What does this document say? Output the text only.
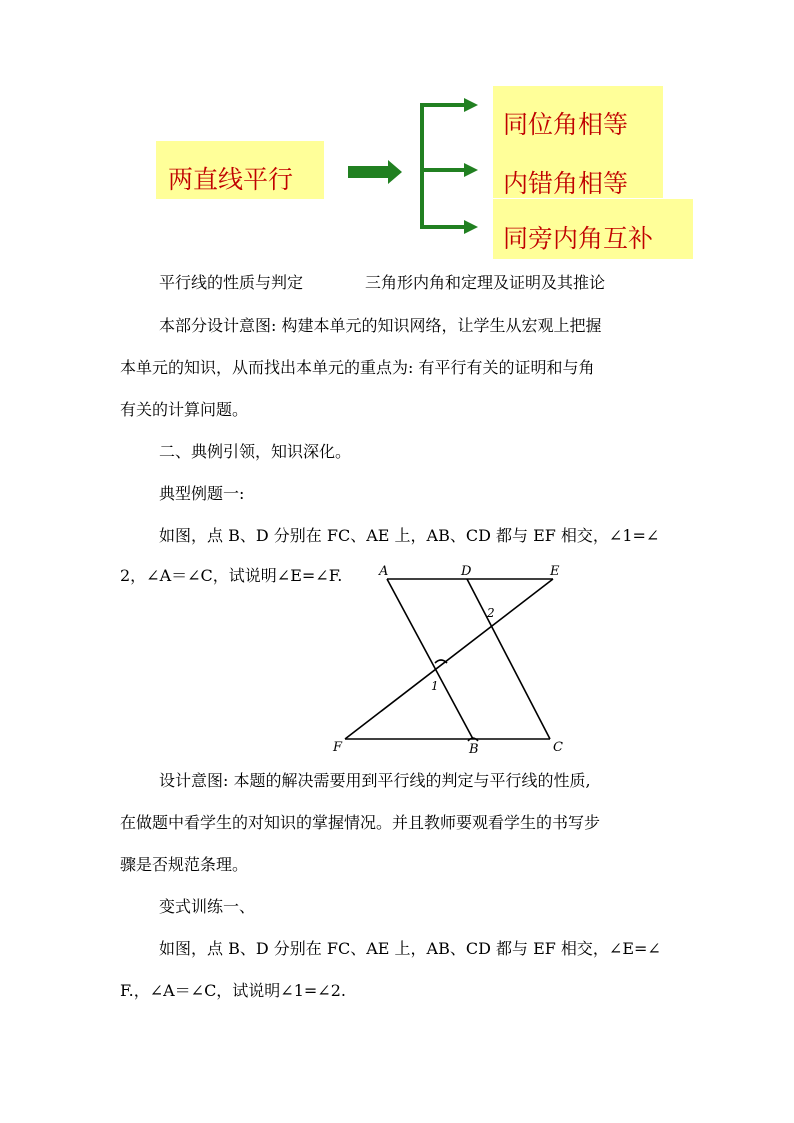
两直线平行
同位角相等
内错角相等
同旁内角互补
平行线的性质与判定	三角形内角和定理及证明及其推论
本部分设计意图: 构建本单元的知识网络，让学生从宏观上把握
本单元的知识，从而找出本单元的重点为: 有平行有关的证明和与角
有关的计算问题。
二、典例引领，知识深化。
典型例题一:
如图，点 B、D 分别在 FC、AE 上，AB、CD 都与 EF 相交，∠1=∠
2，∠A＝∠C，试说明∠E=∠F.	A	D	E
F	B	C
1
2
设计意图: 本题的解决需要用到平行线的判定与平行线的性质,
在做题中看学生的对知识的掌握情况。并且教师要观看学生的书写步
骤是否规范条理。
变式训练一、
如图，点 B、D 分别在 FC、AE 上，AB、CD 都与 EF 相交，∠E=∠
F.，∠A＝∠C，试说明∠1=∠2.
